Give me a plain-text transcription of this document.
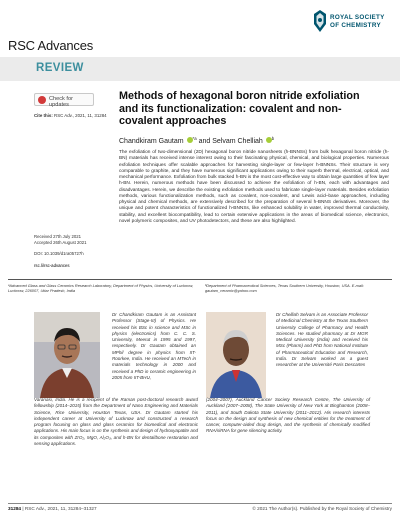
ROYAL SOCIETY
OF CHEMISTRY
RSC Advances
REVIEW
Check for updates
Cite this: RSC Adv., 2021, 11, 31284
Methods of hexagonal boron nitride exfoliation and its functionalization: covalent and non-covalent approaches
Chandkiram Gautam $^{*a}$ and Selvam Chelliah $^b$
The exfoliation of two-dimensional (2D) hexagonal boron nitride nanosheets (h-BNNSs) from bulk hexagonal boron nitride (h-BN) materials has received intense interest owing to their fascinating physical, chemical, and biological properties. Numerous exfoliation techniques offer scalable approaches for harvesting single-layer or few-layer h-BNNSs. Their structure is very comparable to graphite, and they have numerous significant applications owing to their superb thermal, electrical, optical, and mechanical performance. Exfoliation from bulk stacked h-BN is the most cost-effective way to obtain large quantities of few layer h-BN. Herein, numerous methods have been discussed to achieve the exfoliation of h-BN, each with advantages and disadvantages. Herein, we describe the existing exfoliation methods used to fabricate single-layer materials. Besides exfoliation methods, various functionalization methods, such as covalent, non-covalent, and Lewis acid–base approaches, including physical and chemical methods, are extensively described for the preparation of several h-BNNS derivatives. Moreover, the unique and potent characteristics of functionalized h-BNNSs, like enhanced solubility in water, improved thermal conductivity, stability, and excellent biocompatibility, lead to certain extensive applications in the areas of biomedical science, electronics, novel polymeric composites, and UV photodetectors, and these are also highlighted.
Received 27th July 2021
Accepted 26th August 2021
DOI: 10.1039/d1ra05727h
rsc.li/rsc-advances
ᵃAdvanced Glass and Glass Ceramics Research Laboratory, Department of Physics, University of Lucknow, Lucknow, 226007, Uttar Pradesh, India
ᵇDepartment of Pharmaceutical Sciences, Texas Southern University, Houston, USA. E-mail: gautam_ceramic@yahoo.com
Dr Chandkiram Gautam is an Assistant Professor (Stage-III) of Physics. He received his BSc in science and MSc in physics (electronics) from C. C. S. University, Meerut in 1995 and 1997, respectively. Dr Gautam obtained an MPhil degree in physics from IIT-Roorkee, India. He received an MTech in materials technology in 2000 and received a PhD in ceramic engineering in 2005 from IIT-BHU,
Varanasi, India. He is a recipient of the Raman post-doctoral research award fellowship (2014–2015) from the Department of Nano Engineering and Materials Science, Rice University, Houston Texas, USA. Dr Gautam started his independent career at University of Lucknow and constructed a research program focusing on glass and glass ceramics for biomedical and electronic applications. His main focus is on the synthesis and design of hydroxyapatite and its composites with ZrO₂, MgO, Al₂O₃, and h-BN for dental/bone restoration and sensing applications.
Dr Chelliah Selvam is an Associate Professor of Medicinal Chemistry at the Texas Southern University College of Pharmacy and Health Sciences. He studied pharmacy at Dr MGR Medical University (India) and received his MSc (Pharm) and PhD from National Institute of Pharmaceutical Education and Research, India. Dr Selvam worked as a guest researcher at the Université Paris Descartes
(2004–2007), Auckland Cancer Society Research Centre, The University of Auckland (2007–2008), The State University of New York at Binghamton (2008–2011), and South Dakota State University (2011–2012). His research interests focus on the design and synthesis of new chemical entities for the treatment of cancer, computer-aided drug design, and the synthesis of chemically modified RNA/siRNA for gene silencing activity.
31284 | RSC Adv., 2021, 11, 31284–31327	© 2021 The Author(s). Published by the Royal Society of Chemistry
